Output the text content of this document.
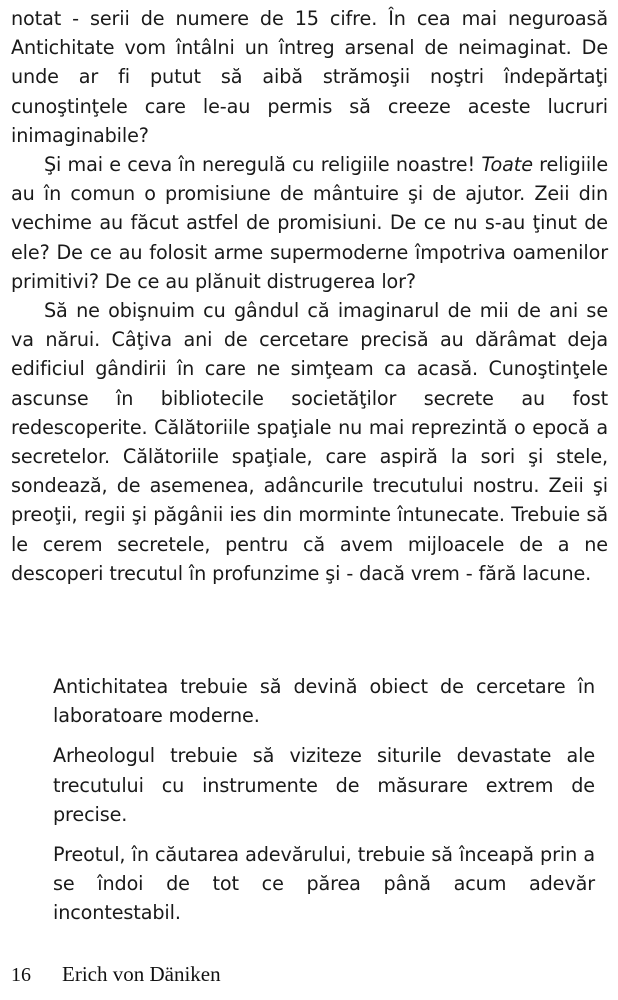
notat - serii de numere de 15 cifre. În cea mai neguroasă Antichitate vom întâlni un întreg arsenal de neimaginat. De unde ar fi putut să aibă strămoşii noştri îndepărtaţi cunoştinţele care le-au permis să creeze aceste lucruri inimaginabile?

Şi mai e ceva în neregulă cu religiile noastre! Toate religiile au în comun o promisiune de mântuire şi de ajutor. Zeii din vechime au făcut astfel de promisiuni. De ce nu s-au ţinut de ele? De ce au folosit arme supermoderne împotriva oamenilor primitivi? De ce au plănuit distrugerea lor?

Să ne obişnuim cu gândul că imaginarul de mii de ani se va nărui. Câţiva ani de cercetare precisă au dărâmat deja edificiul gândirii în care ne simţeam ca acasă. Cunoştinţele ascunse în bibliotecile societăţilor secrete au fost redescoperite. Călătoriile spaţiale nu mai reprezintă o epocă a secretelor. Călătoriile spaţiale, care aspiră la sori şi stele, sondează, de asemenea, adâncurile trecutului nostru. Zeii şi preoţii, regii şi păgânii ies din morminte întunecate. Trebuie să le cerem secretele, pentru că avem mijloacele de a ne descoperi trecutul în profunzime şi - dacă vrem - fără lacune.

Antichitatea trebuie să devină obiect de cercetare în laboratoare moderne.

Arheologul trebuie să viziteze siturile devastate ale trecutului cu instrumente de măsurare extrem de precise.

Preotul, în căutarea adevărului, trebuie să înceapă prin a se îndoi de tot ce părea până acum adevăr incontestabil.

16	Erich von Däniken
